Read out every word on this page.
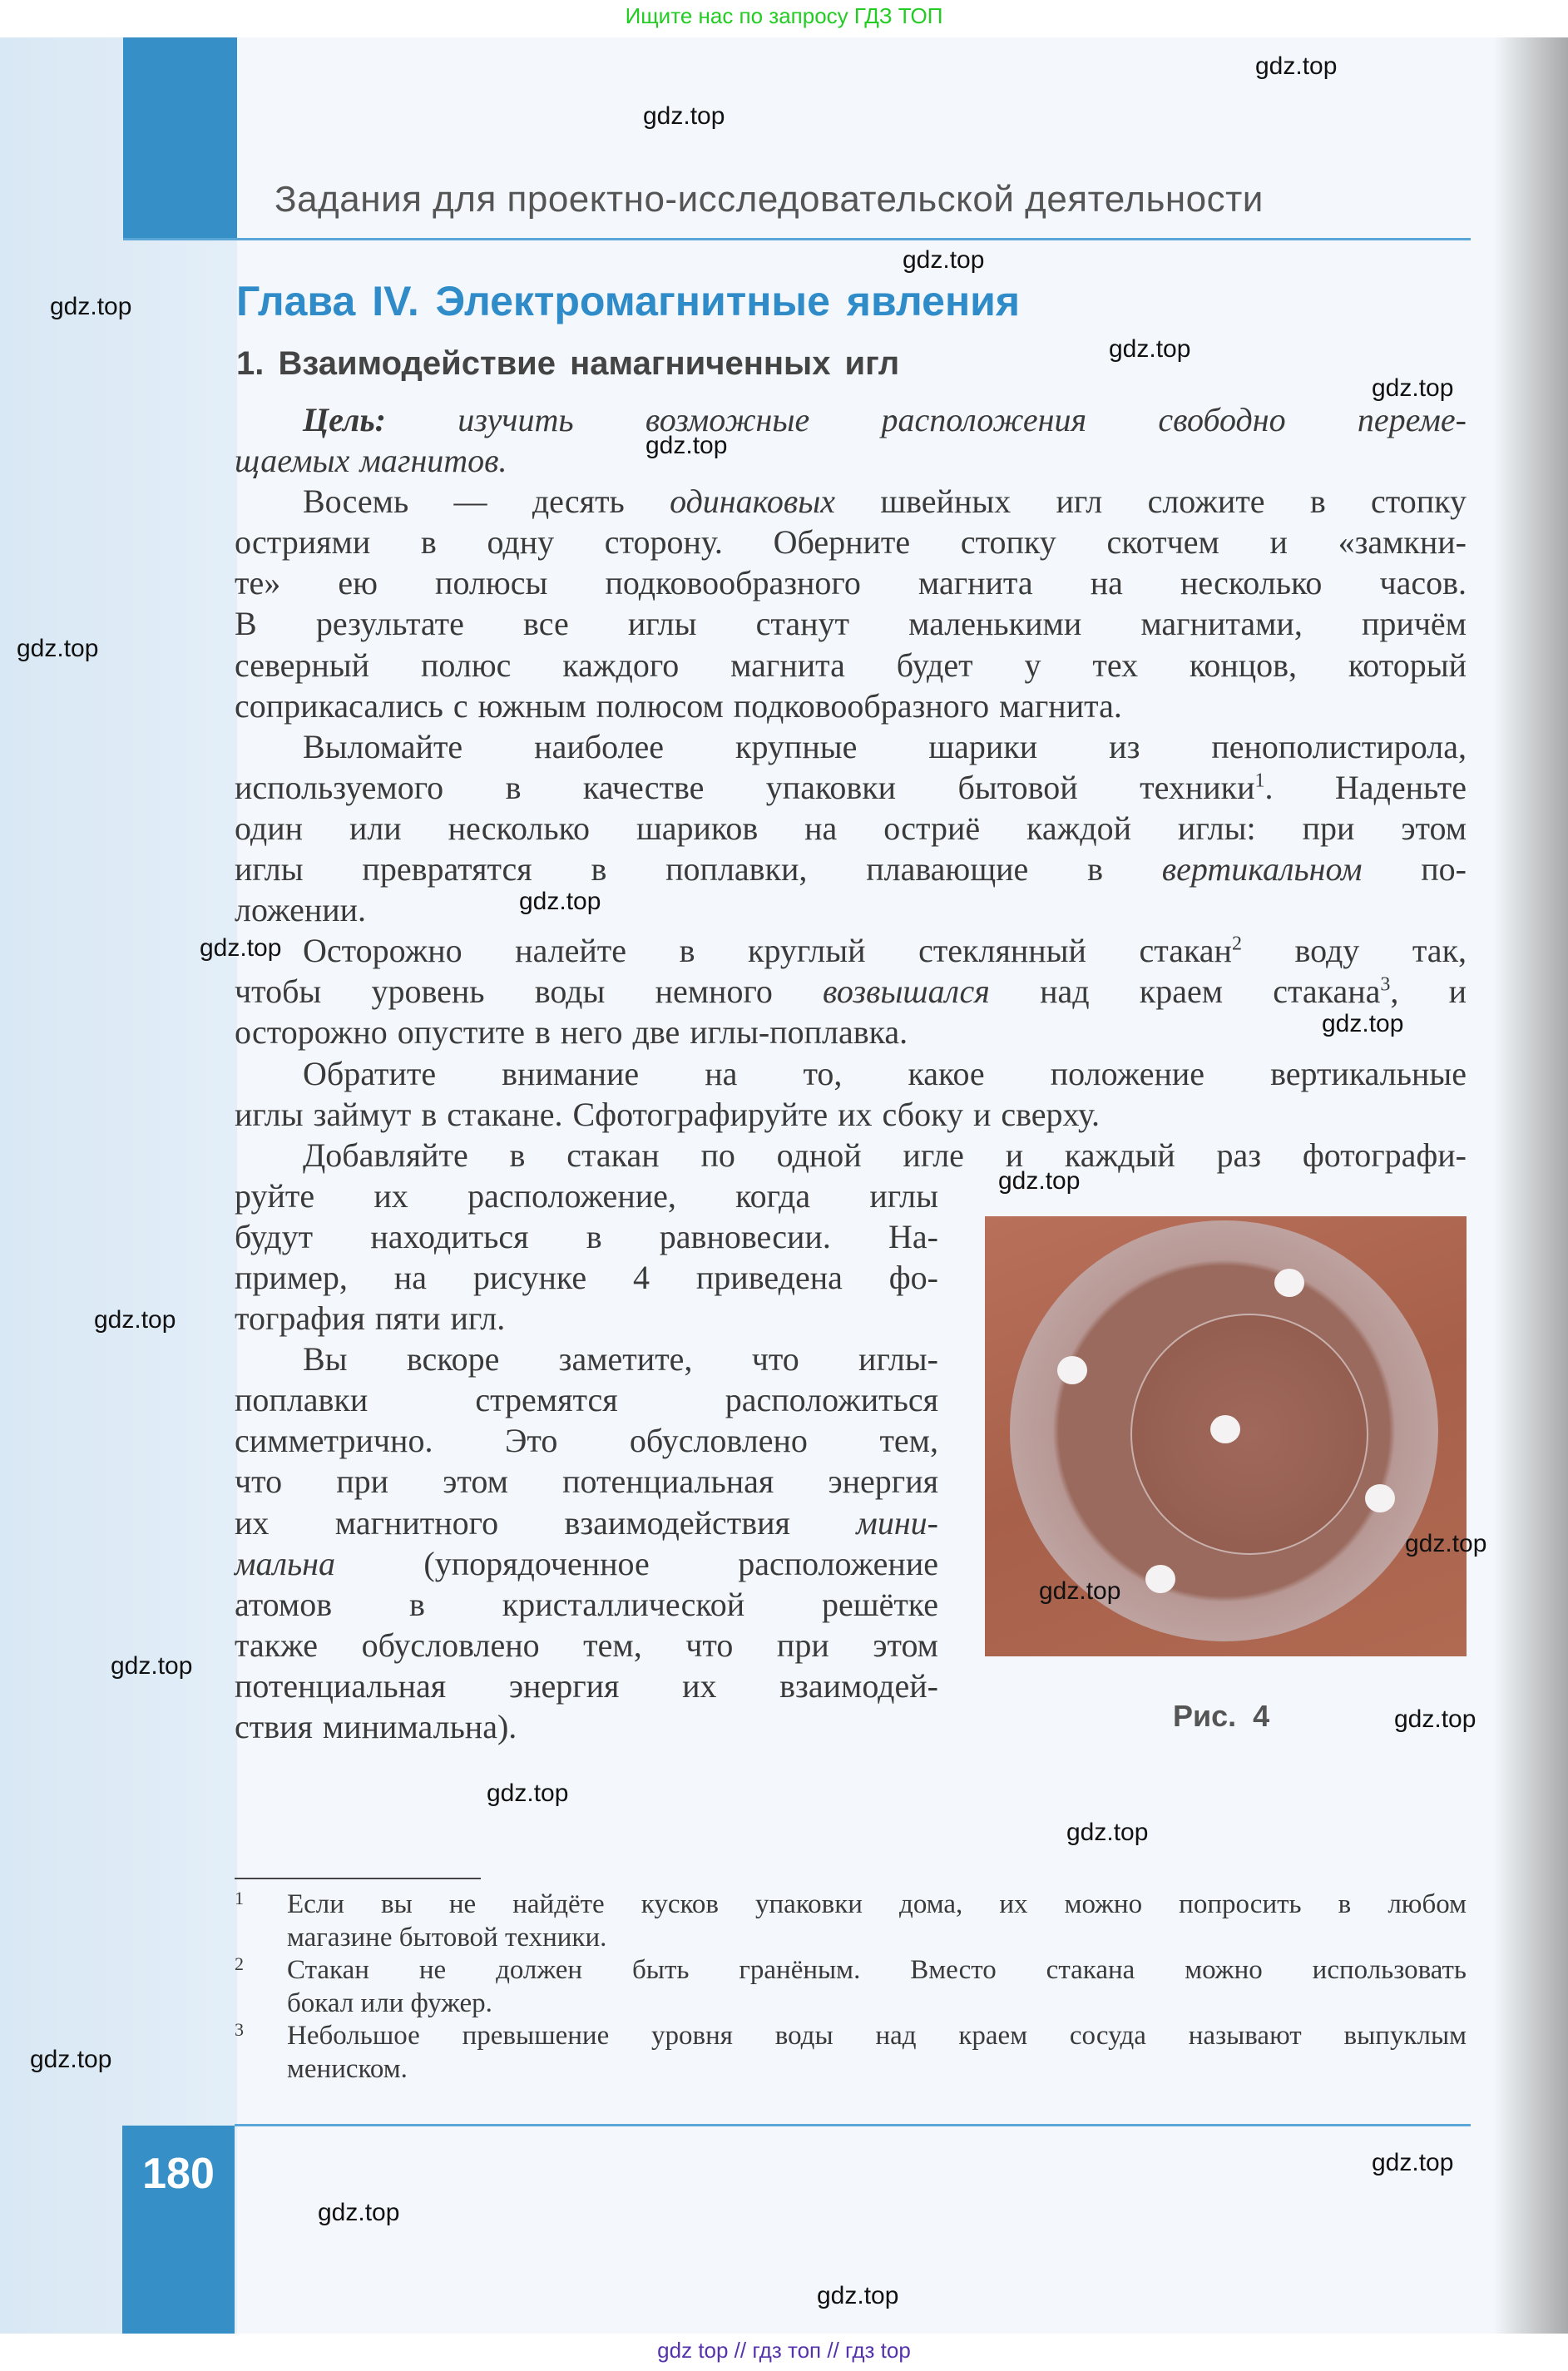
Ищите нас по запросу ГДЗ ТОП
Задания для проектно-исследовательской деятельности
Глава IV. Электромагнитные явления
1. Взаимодействие намагниченных игл
Цель: изучить возможные расположения свободно переме-
щаемых магнитов.
Восемь — десять одинаковых швейных игл сложите в стопку
остриями в одну сторону. Оберните стопку скотчем и «замкни-
те» ею полюсы подковообразного магнита на несколько часов.
В результате все иглы станут маленькими магнитами, причём
северный полюс каждого магнита будет у тех концов, который
соприкасались с южным полюсом подковообразного магнита.
Выломайте наиболее крупные шарики из пенополистирола,
используемого в качестве упаковки бытовой техники$^1$. Наденьте
один или несколько шариков на остриё каждой иглы: при этом
иглы превратятся в поплавки, плавающие в вертикальном по-
ложении.
Осторожно налейте в круглый стеклянный стакан$^2$ воду так,
чтобы уровень воды немного возвышался над краем стакана$^3$, и
осторожно опустите в него две иглы-поплавка.
Обратите внимание на то, какое положение вертикальные
иглы займут в стакане. Сфотографируйте их сбоку и сверху.
Добавляйте в стакан по одной игле и каждый раз фотографи-
руйте их расположение, когда иглы
будут находиться в равновесии. На-
пример, на рисунке 4 приведена фо-
тография пяти игл.
Вы вскоре заметите, что иглы-
поплавки стремятся расположиться
симметрично. Это обусловлено тем,
что при этом потенциальная энергия
их магнитного взаимодействия мини-
мальна (упорядоченное расположение
атомов в кристаллической решётке
также обусловлено тем, что при этом
потенциальная энергия их взаимодей-
ствия минимальна).	Рис. 4
1 Если вы не найдёте кусков упаковки дома, их можно попросить в любом
магазине бытовой техники.
2 Стакан не должен быть гранёным. Вместо стакана можно использовать
бокал или фужер.
3 Небольшое превышение уровня воды над краем сосуда называют выпуклым
мениском.
180
gdz.top
gdz.top
gdz.top
gdz.top
gdz.top
gdz.top
gdz.top
gdz.top
gdz.top
gdz.top
gdz.top
gdz.top
gdz.top
gdz.top
gdz.top
gdz.top
gdz.top
gdz.top
gdz.top
gdz.top
gdz.top
gdz.top
gdz.top
gdz top // гдз топ // гдз top
